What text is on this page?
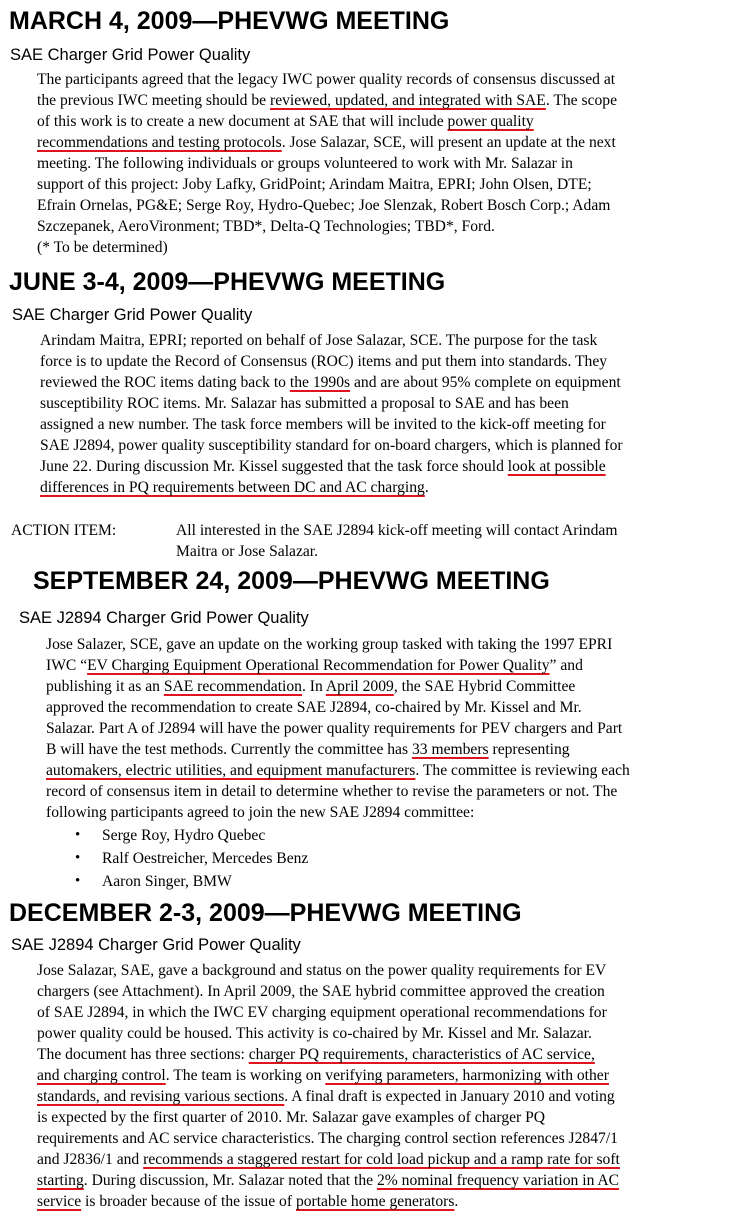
MARCH 4, 2009—PHEVWG MEETING
SAE Charger Grid Power Quality
The participants agreed that the legacy IWC power quality records of consensus discussed at
the previous IWC meeting should be reviewed, updated, and integrated with SAE. The scope
of this work is to create a new document at SAE that will include power quality
recommendations and testing protocols. Jose Salazar, SCE, will present an update at the next
meeting. The following individuals or groups volunteered to work with Mr. Salazar in
support of this project: Joby Lafky, GridPoint; Arindam Maitra, EPRI; John Olsen, DTE;
Efrain Ornelas, PG&E; Serge Roy, Hydro-Quebec; Joe Slenzak, Robert Bosch Corp.; Adam
Szczepanek, AeroVironment; TBD*, Delta-Q Technologies; TBD*, Ford.
(* To be determined)
JUNE 3-4, 2009—PHEVWG MEETING
SAE Charger Grid Power Quality
Arindam Maitra, EPRI; reported on behalf of Jose Salazar, SCE. The purpose for the task
force is to update the Record of Consensus (ROC) items and put them into standards. They
reviewed the ROC items dating back to the 1990s and are about 95% complete on equipment
susceptibility ROC items. Mr. Salazar has submitted a proposal to SAE and has been
assigned a new number. The task force members will be invited to the kick-off meeting for
SAE J2894, power quality susceptibility standard for on-board chargers, which is planned for
June 22. During discussion Mr. Kissel suggested that the task force should look at possible
differences in PQ requirements between DC and AC charging.
ACTION ITEM:	All interested in the SAE J2894 kick-off meeting will contact Arindam
Maitra or Jose Salazar.
SEPTEMBER 24, 2009—PHEVWG MEETING
SAE J2894 Charger Grid Power Quality
Jose Salazer, SCE, gave an update on the working group tasked with taking the 1997 EPRI
IWC “EV Charging Equipment Operational Recommendation for Power Quality” and
publishing it as an SAE recommendation. In April 2009, the SAE Hybrid Committee
approved the recommendation to create SAE J2894, co-chaired by Mr. Kissel and Mr.
Salazar. Part A of J2894 will have the power quality requirements for PEV chargers and Part
B will have the test methods. Currently the committee has 33 members representing
automakers, electric utilities, and equipment manufacturers. The committee is reviewing each
record of consensus item in detail to determine whether to revise the parameters or not. The
following participants agreed to join the new SAE J2894 committee:
• Serge Roy, Hydro Quebec
• Ralf Oestreicher, Mercedes Benz
• Aaron Singer, BMW
DECEMBER 2-3, 2009—PHEVWG MEETING
SAE J2894 Charger Grid Power Quality
Jose Salazar, SAE, gave a background and status on the power quality requirements for EV
chargers (see Attachment). In April 2009, the SAE hybrid committee approved the creation
of SAE J2894, in which the IWC EV charging equipment operational recommendations for
power quality could be housed. This activity is co-chaired by Mr. Kissel and Mr. Salazar.
The document has three sections: charger PQ requirements, characteristics of AC service,
and charging control. The team is working on verifying parameters, harmonizing with other
standards, and revising various sections. A final draft is expected in January 2010 and voting
is expected by the first quarter of 2010. Mr. Salazar gave examples of charger PQ
requirements and AC service characteristics. The charging control section references J2847/1
and J2836/1 and recommends a staggered restart for cold load pickup and a ramp rate for soft
starting. During discussion, Mr. Salazar noted that the 2% nominal frequency variation in AC
service is broader because of the issue of portable home generators.
